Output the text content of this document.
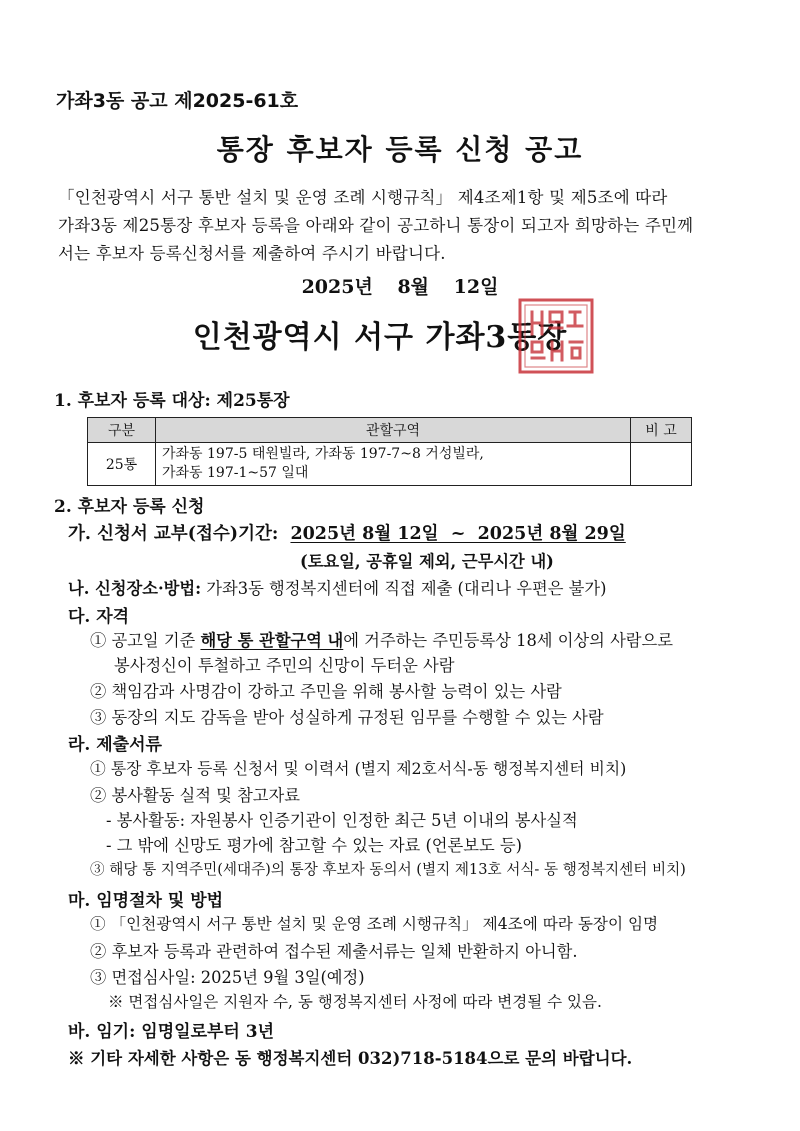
가좌3동 공고 제2025-61호
통장 후보자 등록 신청 공고
「인천광역시 서구 통반 설치 및 운영 조례 시행규칙」 제4조제1항 및 제5조에 따라
가좌3동 제25통장 후보자 등록을 아래와 같이 공고하니 통장이 되고자 희망하는 주민께
서는 후보자 등록신청서를 제출하여 주시기 바랍니다.
2025년 8월 12일
인천광역시 서구 가좌3동장
1. 후보자 등록 대상: 제25통장
구분	관할구역	비 고
25통	가좌동 197-5 태원빌라, 가좌동 197-7~8 거성빌라,
가좌동 197-1~57 일대	

2. 후보자 등록 신청
가. 신청서 교부(접수)기간: 2025년 8월 12일  ~  2025년 8월 29일
(토요일, 공휴일 제외, 근무시간 내)
나. 신청장소·방법: 가좌3동 행정복지센터에 직접 제출 (대리나 우편은 불가)
다. 자격
① 공고일 기준 해당 통 관할구역 내에 거주하는 주민등록상 18세 이상의 사람으로
봉사정신이 투철하고 주민의 신망이 두터운 사람
② 책임감과 사명감이 강하고 주민을 위해 봉사할 능력이 있는 사람
③ 동장의 지도 감독을 받아 성실하게 규정된 임무를 수행할 수 있는 사람
라. 제출서류
① 통장 후보자 등록 신청서 및 이력서 (별지 제2호서식-동 행정복지센터 비치)
② 봉사활동 실적 및 참고자료
- 봉사활동: 자원봉사 인증기관이 인정한 최근 5년 이내의 봉사실적
- 그 밖에 신망도 평가에 참고할 수 있는 자료 (언론보도 등)
③ 해당 통 지역주민(세대주)의 통장 후보자 동의서 (별지 제13호 서식- 동 행정복지센터 비치)
마. 임명절차 및 방법
① 「인천광역시 서구 통반 설치 및 운영 조례 시행규칙」 제4조에 따라 동장이 임명
② 후보자 등록과 관련하여 접수된 제출서류는 일체 반환하지 아니함.
③ 면접심사일: 2025년 9월 3일(예정)
※ 면접심사일은 지원자 수, 동 행정복지센터 사정에 따라 변경될 수 있음.
바. 임기: 임명일로부터 3년
※ 기타 자세한 사항은 동 행정복지센터 032)718-5184으로 문의 바랍니다.
